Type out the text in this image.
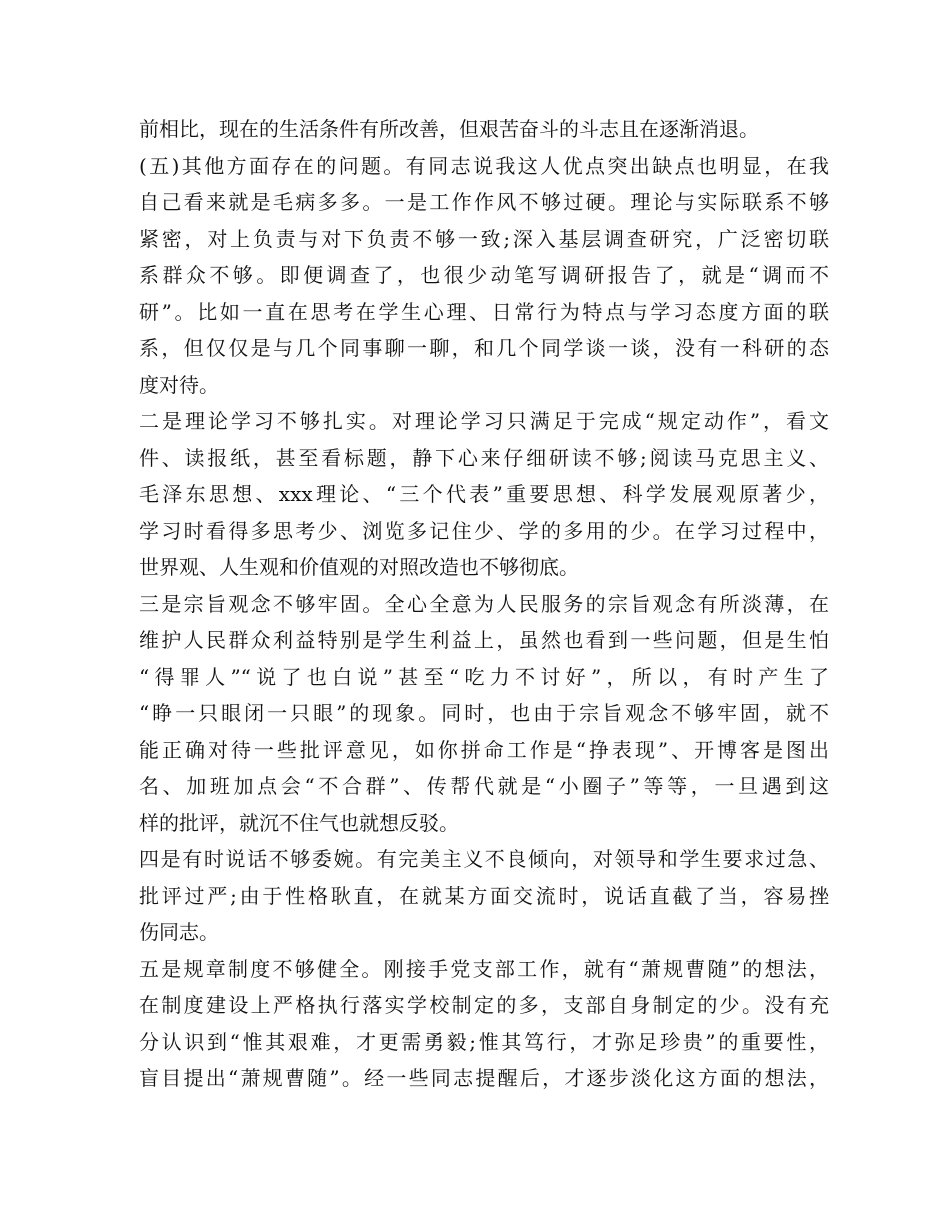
前相比，现在的生活条件有所改善，但艰苦奋斗的斗志且在逐渐消退。
(五)其他方面存在的问题。有同志说我这人优点突出缺点也明显，在我
自己看来就是毛病多多。一是工作作风不够过硬。理论与实际联系不够
紧密，对上负责与对下负责不够一致;深入基层调查研究，广泛密切联
系群众不够。即便调查了，也很少动笔写调研报告了，就是“调而不
研”。比如一直在思考在学生心理、日常行为特点与学习态度方面的联
系，但仅仅是与几个同事聊一聊，和几个同学谈一谈，没有一科研的态
度对待。
二是理论学习不够扎实。对理论学习只满足于完成“规定动作”，看文
件、读报纸，甚至看标题，静下心来仔细研读不够;阅读马克思主义、
毛泽东思想、xxx理论、“三个代表”重要思想、科学发展观原著少，
学习时看得多思考少、浏览多记住少、学的多用的少。在学习过程中，
世界观、人生观和价值观的对照改造也不够彻底。
三是宗旨观念不够牢固。全心全意为人民服务的宗旨观念有所淡薄，在
维护人民群众利益特别是学生利益上，虽然也看到一些问题，但是生怕
“得罪人”“说了也白说”甚至“吃力不讨好”，所以，有时产生了
“睁一只眼闭一只眼”的现象。同时，也由于宗旨观念不够牢固，就不
能正确对待一些批评意见，如你拼命工作是“挣表现”、开博客是图出
名、加班加点会“不合群”、传帮代就是“小圈子”等等，一旦遇到这
样的批评，就沉不住气也就想反驳。
四是有时说话不够委婉。有完美主义不良倾向，对领导和学生要求过急、
批评过严;由于性格耿直，在就某方面交流时，说话直截了当，容易挫
伤同志。
五是规章制度不够健全。刚接手党支部工作，就有“萧规曹随”的想法，
在制度建设上严格执行落实学校制定的多，支部自身制定的少。没有充
分认识到“惟其艰难，才更需勇毅;惟其笃行，才弥足珍贵”的重要性，
盲目提出“萧规曹随”。经一些同志提醒后，才逐步淡化这方面的想法，
